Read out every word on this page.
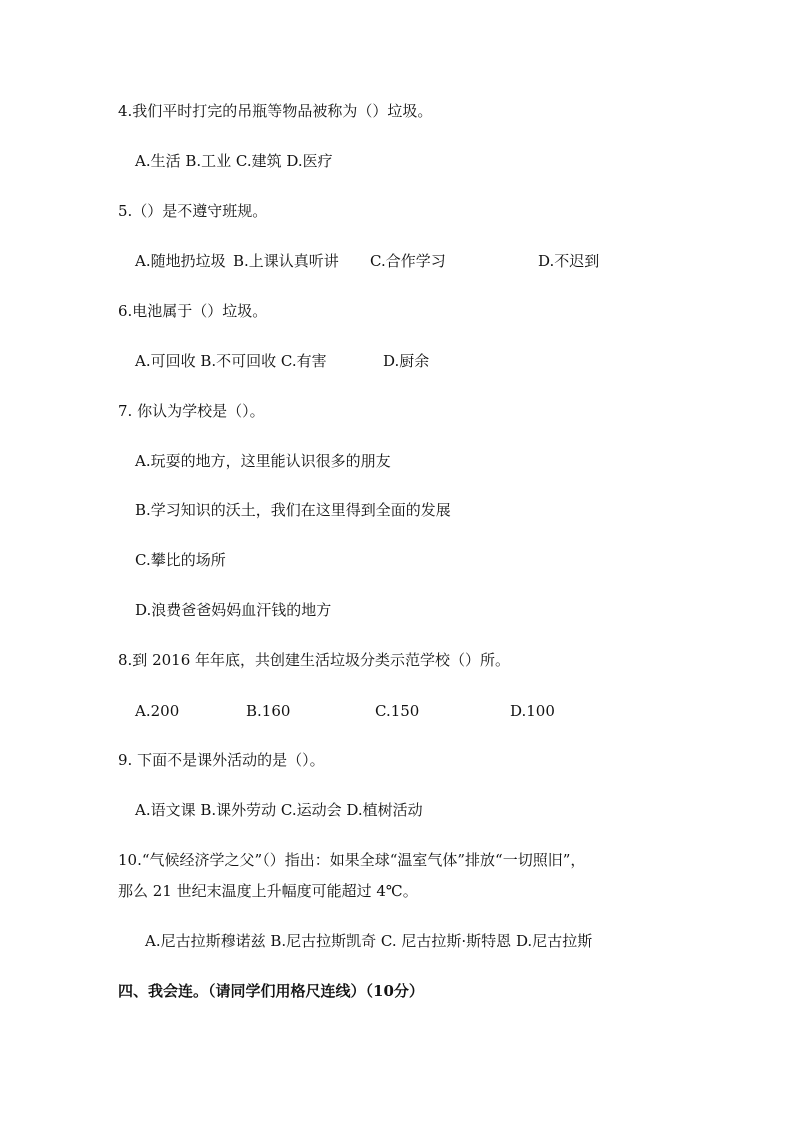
4.我们平时打完的吊瓶等物品被称为（）垃圾。
A.生活 B.工业 C.建筑 D.医疗
5.（）是不遵守班规。
A.随地扔垃圾 B.上课认真听讲 C.合作学习	D.不迟到
6.电池属于（）垃圾。
A.可回收 B.不可回收 C.有害	D.厨余
7. 你认为学校是（）。
A.玩耍的地方，这里能认识很多的朋友
B.学习知识的沃土，我们在这里得到全面的发展
C.攀比的场所
D.浪费爸爸妈妈血汗钱的地方
8.到 2016 年年底，共创建生活垃圾分类示范学校（）所。
A.200	B.160	C.150	D.100
9. 下面不是课外活动的是（）。
A.语文课 B.课外劳动 C.运动会 D.植树活动
10.“气候经济学之父”（）指出：如果全球“温室气体”排放“一切照旧”，
那么 21 世纪末温度上升幅度可能超过 4℃。
A.尼古拉斯穆诺兹 B.尼古拉斯凯奇 C. 尼古拉斯·斯特恩 D.尼古拉斯
四、我会连。（请同学们用格尺连线）（10分）
